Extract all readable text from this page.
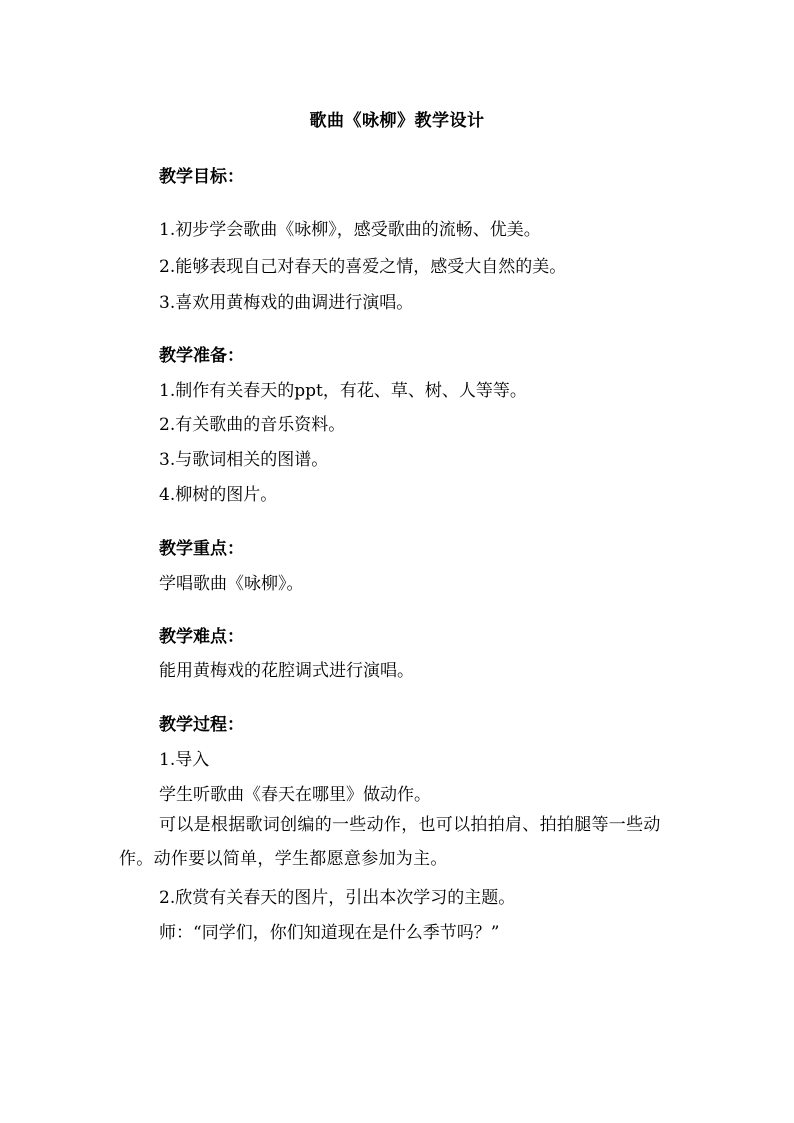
歌曲《咏柳》教学设计
教学目标：
1.初步学会歌曲《咏柳》，感受歌曲的流畅、优美。
2.能够表现自己对春天的喜爱之情，感受大自然的美。
3.喜欢用黄梅戏的曲调进行演唱。
教学准备：
1.制作有关春天的ppt，有花、草、树、人等等。
2.有关歌曲的音乐资料。
3.与歌词相关的图谱。
4.柳树的图片。
教学重点：
学唱歌曲《咏柳》。
教学难点：
能用黄梅戏的花腔调式进行演唱。
教学过程：
1.导入
学生听歌曲《春天在哪里》做动作。
可以是根据歌词创编的一些动作，也可以拍拍肩、拍拍腿等一些动作。动作要以简单，学生都愿意参加为主。
2.欣赏有关春天的图片，引出本次学习的主题。
师：“同学们，你们知道现在是什么季节吗？”
